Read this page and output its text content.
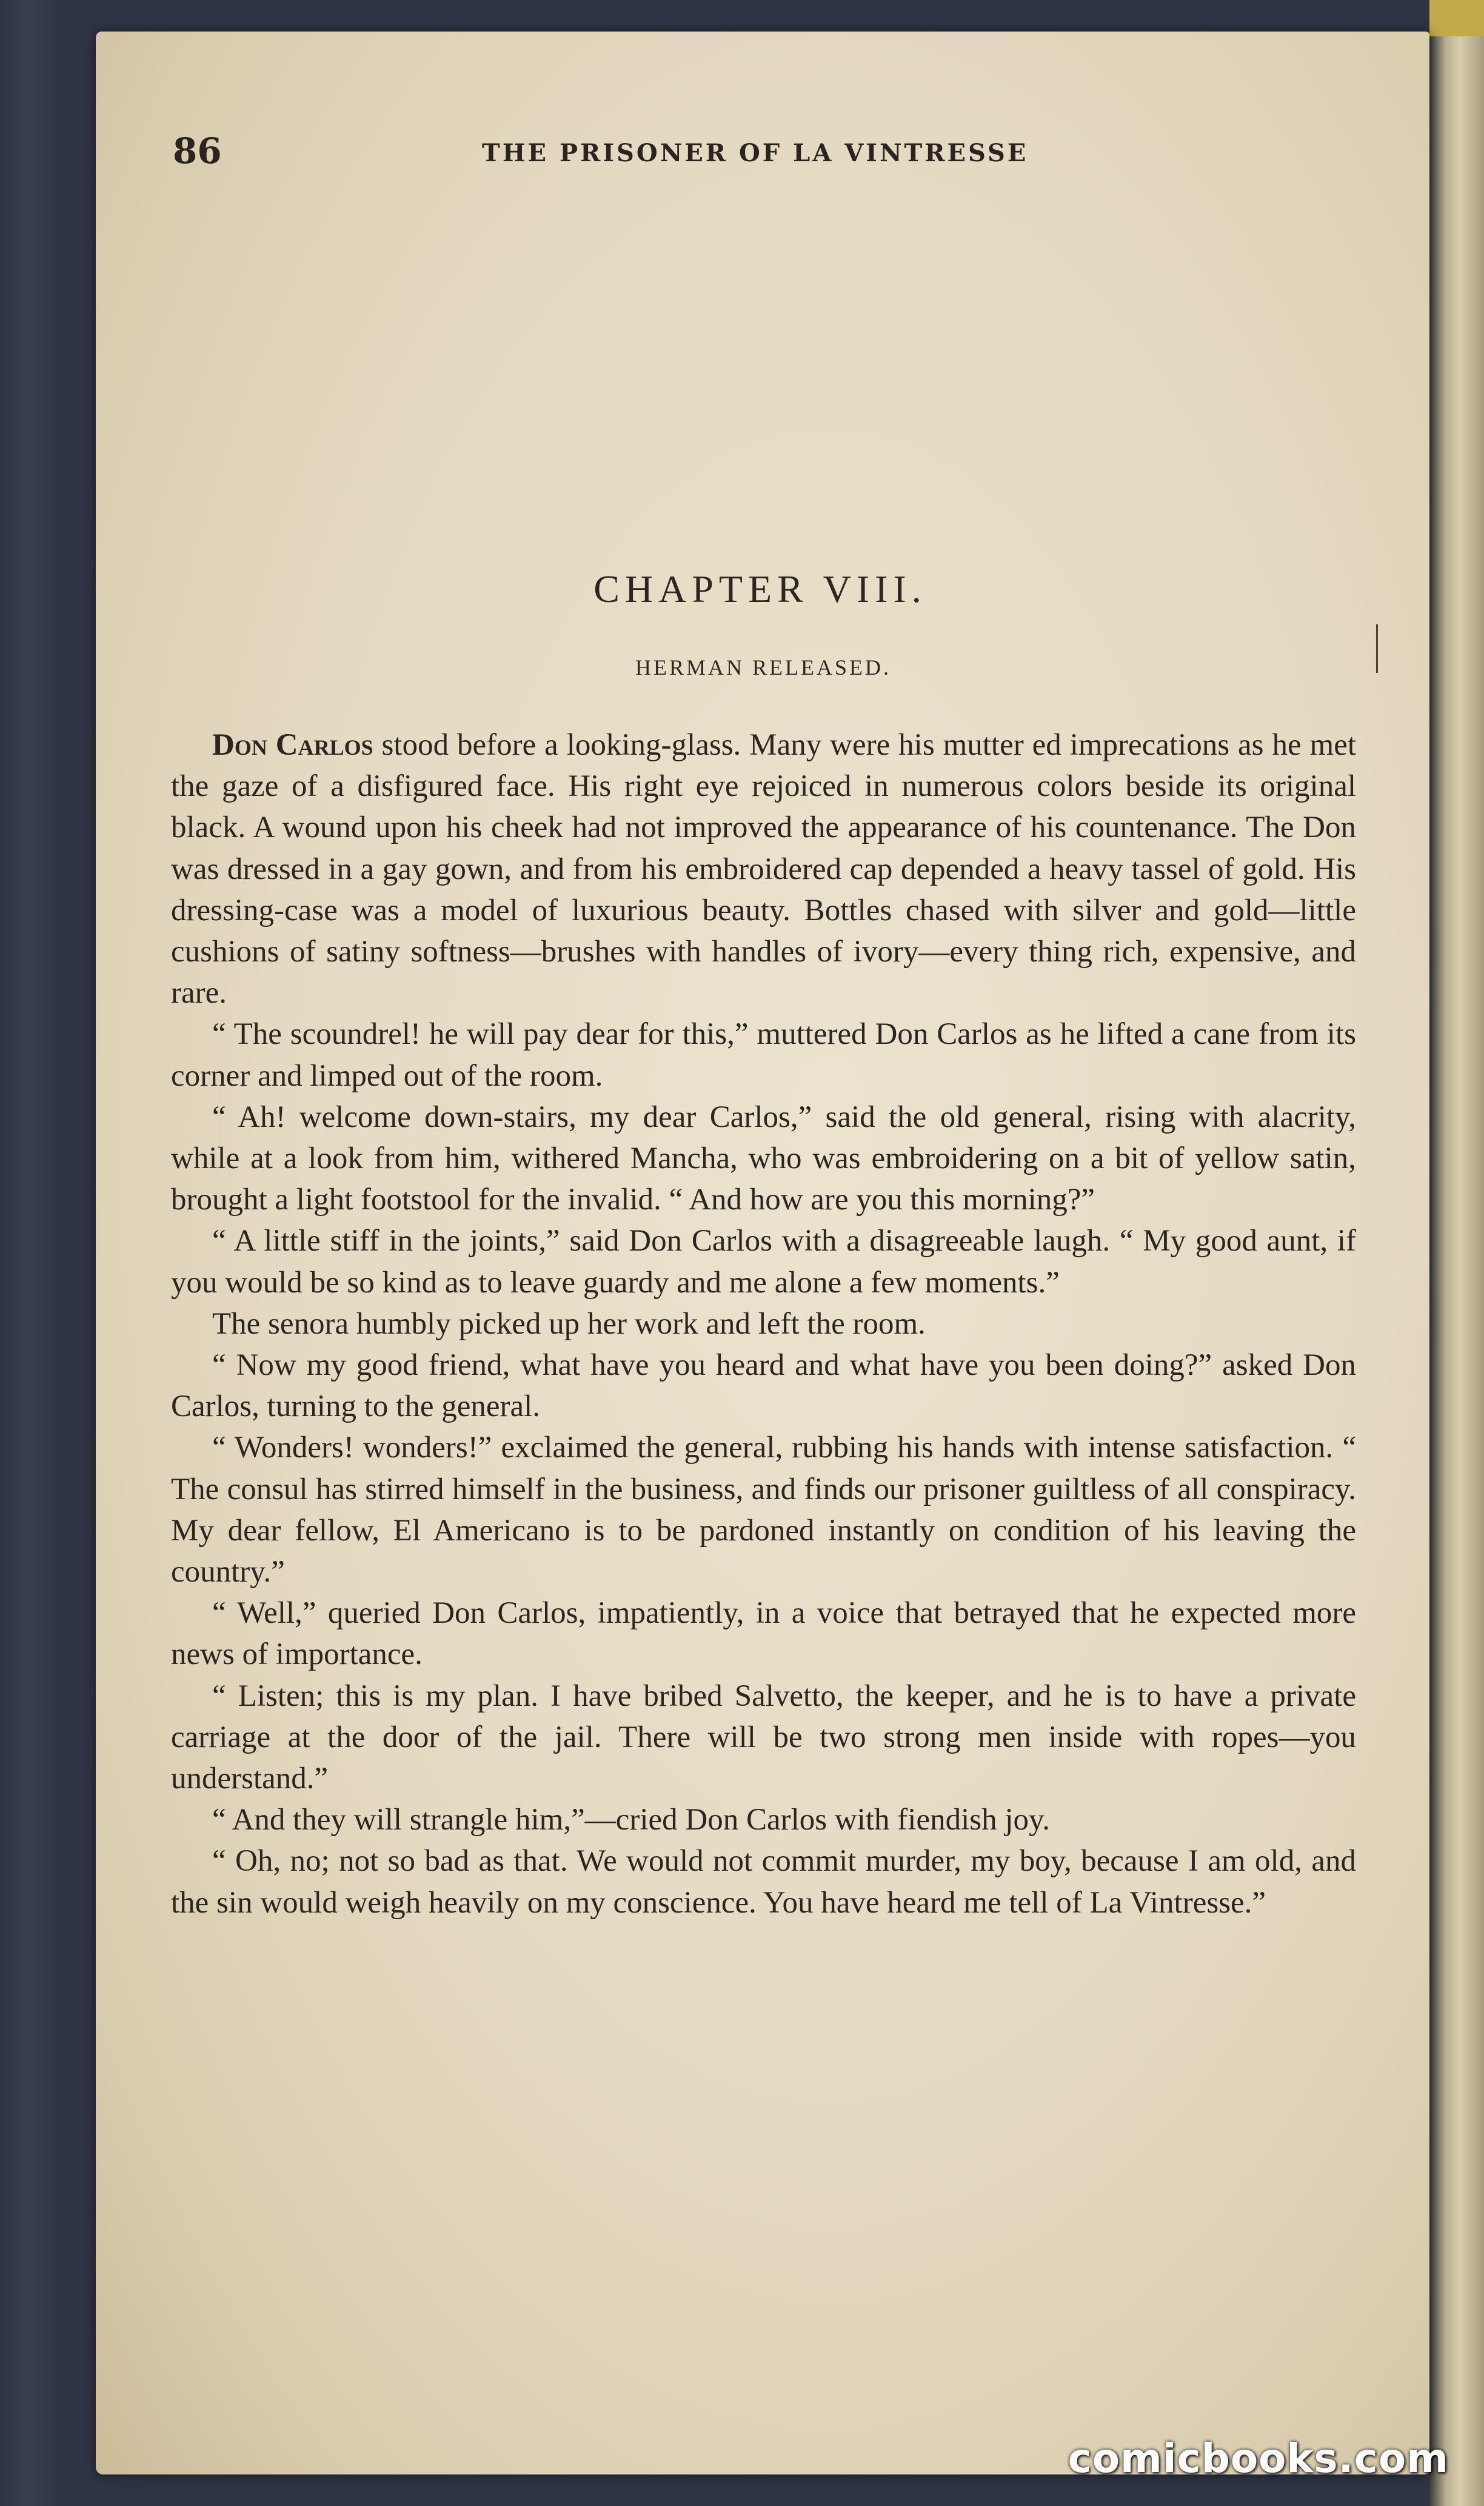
86	THE PRISONER OF LA VINTRESSE
CHAPTER VIII.
HERMAN RELEASED.

Don Carlos stood before a looking-glass. Many were his mutter ed imprecations as he met the gaze of a disfigured face. His right eye rejoiced in numerous colors beside its original black. A wound upon his cheek had not improved the appearance of his countenance. The Don was dressed in a gay gown, and from his embroidered cap depended a heavy tassel of gold. His dressing-case was a model of luxurious beauty. Bottles chased with silver and gold—little cushions of satiny softness—brushes with handles of ivory—every thing rich, expensive, and rare.

“ The scoundrel! he will pay dear for this,” muttered Don Carlos as he lifted a cane from its corner and limped out of the room.

“ Ah! welcome down-stairs, my dear Carlos,” said the old general, rising with alacrity, while at a look from him, withered Mancha, who was embroidering on a bit of yellow satin, brought a light footstool for the invalid. “ And how are you this morning?”

“ A little stiff in the joints,” said Don Carlos with a disagreeable laugh. “ My good aunt, if you would be so kind as to leave guardy and me alone a few moments.”

The senora humbly picked up her work and left the room.

“ Now my good friend, what have you heard and what have you been doing?” asked Don Carlos, turning to the general.

“ Wonders! wonders!” exclaimed the general, rubbing his hands with intense satisfaction. “ The consul has stirred himself in the business, and finds our prisoner guiltless of all conspiracy. My dear fellow, El Americano is to be pardoned instantly on condition of his leaving the country.”

“ Well,” queried Don Carlos, impatiently, in a voice that betrayed that he expected more news of importance.

“ Listen; this is my plan. I have bribed Salvetto, the keeper, and he is to have a private carriage at the door of the jail. There will be two strong men inside with ropes—you understand.”

“ And they will strangle him,”—cried Don Carlos with fiendish joy.

“ Oh, no; not so bad as that. We would not commit murder, my boy, because I am old, and the sin would weigh heavily on my conscience. You have heard me tell of La Vintresse.”

comicbooks.com
